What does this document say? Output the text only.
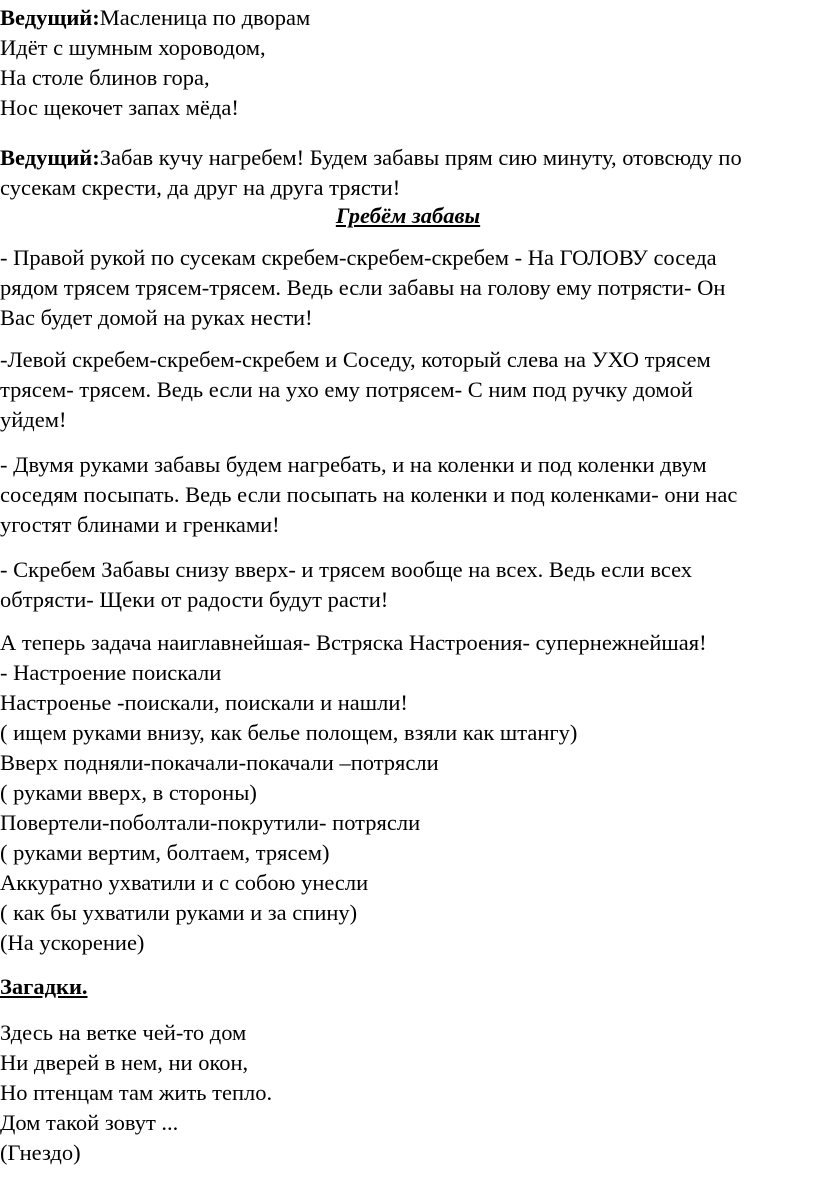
Ведущий:Масленица по дворам
Идёт с шумным хороводом,
На столе блинов гора,
Нос щекочет запах мёда!
Ведущий:Забав кучу нагребем! Будем забавы прям сию минуту, отовсюду по
сусекам скрести, да друг на друга трясти!
Гребём забавы
- Правой рукой по сусекам скребем-скребем-скребем - На ГОЛОВУ соседа
рядом трясем трясем-трясем. Ведь если забавы на голову ему потрясти- Он
Вас будет домой на руках нести!
-Левой скребем-скребем-скребем и Соседу, который слева на УХО трясем
трясем- трясем. Ведь если на ухо ему потрясем- С ним под ручку домой
уйдем!
- Двумя руками забавы будем нагребать, и на коленки и под коленки двум
соседям посыпать. Ведь если посыпать на коленки и под коленками- они нас
угостят блинами и гренками!
- Скребем Забавы снизу вверх- и трясем вообще на всех. Ведь если всех
обтрясти- Щеки от радости будут расти!
А теперь задача наиглавнейшая- Встряска Настроения- супернежнейшая!
- Настроение поискали
Настроенье -поискали, поискали и нашли!
( ищем руками внизу, как белье полощем, взяли как штангу)
Вверх подняли-покачали-покачали –потрясли
( руками вверх, в стороны)
Повертели-поболтали-покрутили- потрясли
( руками вертим, болтаем, трясем)
Аккуратно ухватили и с собою унесли
( как бы ухватили руками и за спину)
(На ускорение)
Загадки.
Здесь на ветке чей-то дом
Ни дверей в нем, ни окон,
Но птенцам там жить тепло.
Дом такой зовут ...
(Гнездо)
